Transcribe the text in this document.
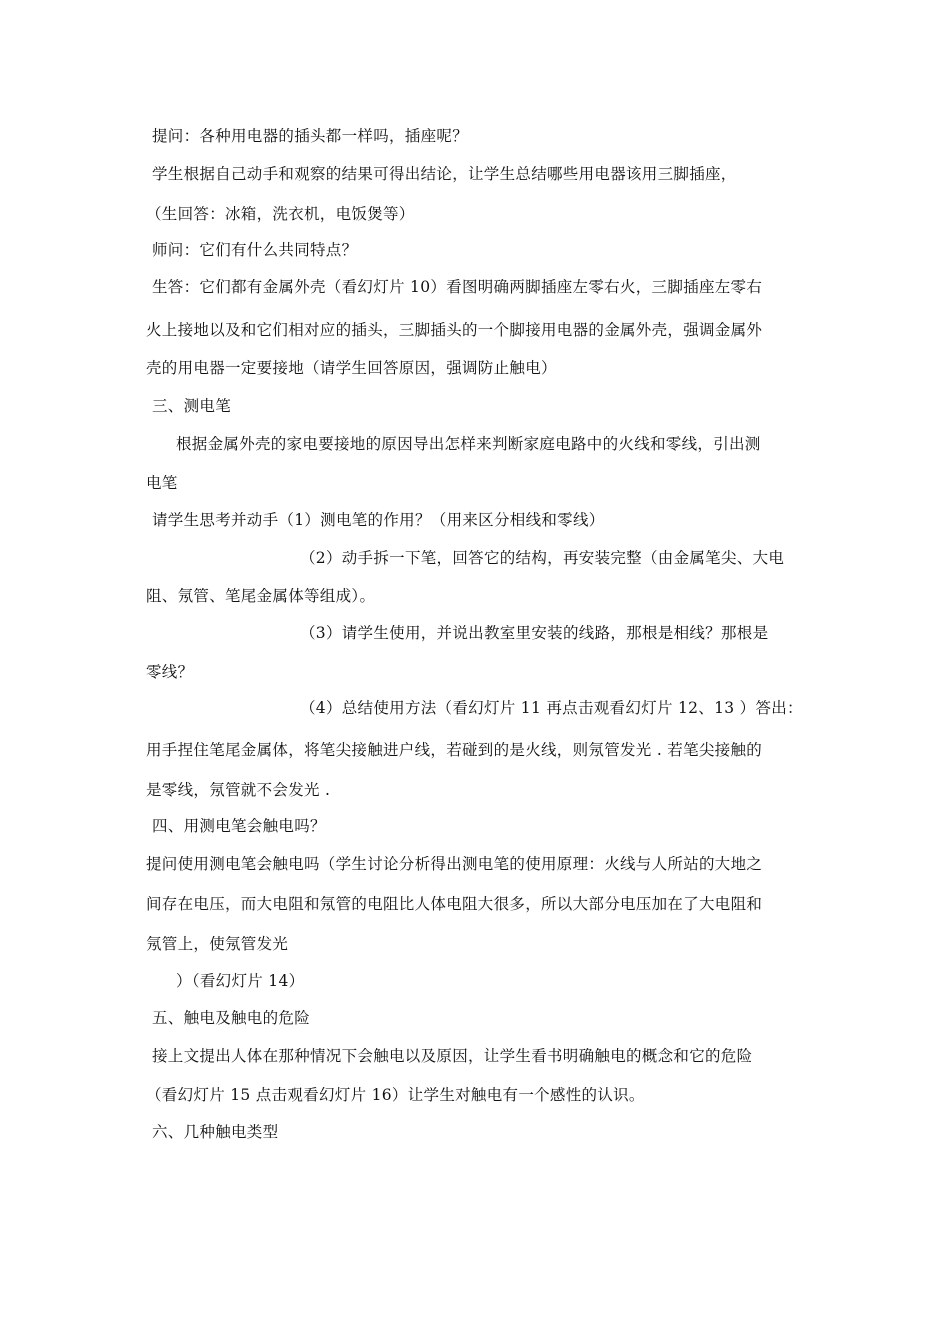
提问：各种用电器的插头都一样吗，插座呢？
学生根据自己动手和观察的结果可得出结论，让学生总结哪些用电器该用三脚插座，
（生回答：冰箱，洗衣机，电饭煲等）
师问：它们有什么共同特点？
生答：它们都有金属外壳（看幻灯片 10）看图明确两脚插座左零右火，三脚插座左零右
火上接地以及和它们相对应的插头，三脚插头的一个脚接用电器的金属外壳，强调金属外
壳的用电器一定要接地（请学生回答原因，强调防止触电）
三、测电笔
根据金属外壳的家电要接地的原因导出怎样来判断家庭电路中的火线和零线，引出测
电笔
请学生思考并动手（1）测电笔的作用？（用来区分相线和零线）
（2）动手拆一下笔，回答它的结构，再安装完整（由金属笔尖、大电
阻、氖管、笔尾金属体等组成）。
（3）请学生使用，并说出教室里安装的线路，那根是相线？那根是
零线？
（4）总结使用方法（看幻灯片 11 再点击观看幻灯片 12、13 ）答出：
用手捏住笔尾金属体，将笔尖接触进户线，若碰到的是火线，则氖管发光 . 若笔尖接触的
是零线，氖管就不会发光 .
四、用测电笔会触电吗？
提问使用测电笔会触电吗（学生讨论分析得出测电笔的使用原理：火线与人所站的大地之
间存在电压，而大电阻和氖管的电阻比人体电阻大很多，所以大部分电压加在了大电阻和
氖管上，使氖管发光
）（看幻灯片 14）
五、触电及触电的危险
接上文提出人体在那种情况下会触电以及原因，让学生看书明确触电的概念和它的危险
（看幻灯片 15 点击观看幻灯片 16）让学生对触电有一个感性的认识。
六、几种触电类型
